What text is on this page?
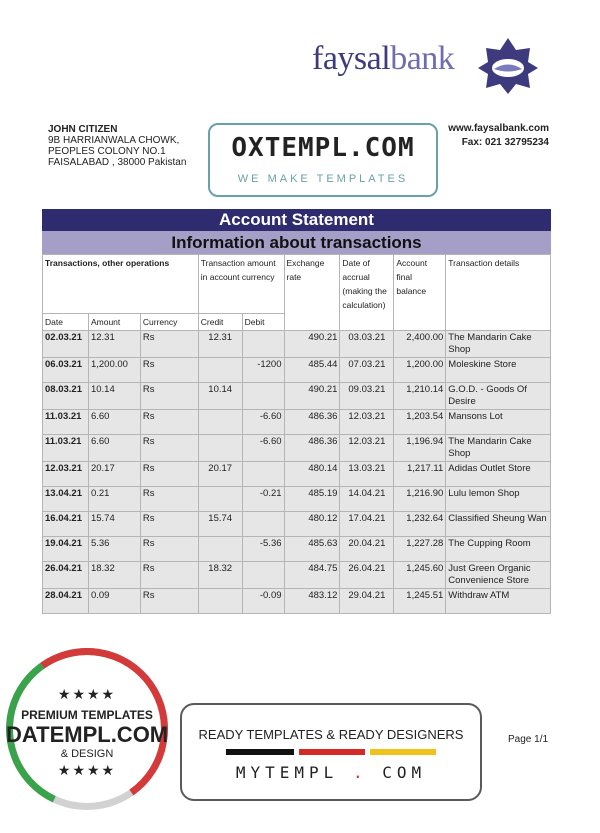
faysalbank
JOHN CITIZEN
9B HARRIANWALA CHOWK,
PEOPLES COLONY NO.1
FAISALABAD , 38000 Pakistan	OXTEMPL.COM
WE MAKE TEMPLATES
www.faysalbank.com
Fax: 021 32795234
Account Statement
Information about transactions
Transactions, other operations			Transaction amount in account currency		Exchange rate	Date of accrual (making the calculation)	Account final balance	Transaction details
Date	Amount	Currency	Credit	Debit				
02.03.21	12.31	Rs	12.31		490.21	03.03.21	2,400.00	The Mandarin Cake Shop
06.03.21	1,200.00	Rs		-1200	485.44	07.03.21	1,200.00	Moleskine Store
08.03.21	10.14	Rs	10.14		490.21	09.03.21	1,210.14	G.O.D. - Goods Of Desire
11.03.21	6.60	Rs		-6.60	486.36	12.03.21	1,203.54	Mansons Lot
11.03.21	6.60	Rs		-6.60	486.36	12.03.21	1,196.94	The Mandarin Cake Shop
12.03.21	20.17	Rs	20.17		480.14	13.03.21	1,217.11	Adidas Outlet Store
13.04.21	0.21	Rs		-0.21	485.19	14.04.21	1,216.90	Lulu lemon Shop
16.04.21	15.74	Rs	15.74		480.12	17.04.21	1,232.64	Classified Sheung Wan
19.04.21	5.36	Rs		-5.36	485.63	20.04.21	1,227.28	The Cupping Room
26.04.21	18.32	Rs	18.32		484.75	26.04.21	1,245.60	Just Green Organic Convenience Store
28.04.21	0.09	Rs		-0.09	483.12	29.04.21	1,245.51	Withdraw ATM
★★★★
PREMIUM TEMPLATES
DATEMPL.COM
& DESIGN
★★★★
READY TEMPLATES & READY DESIGNERS
MYTEMPL . COM
Page 1/1
